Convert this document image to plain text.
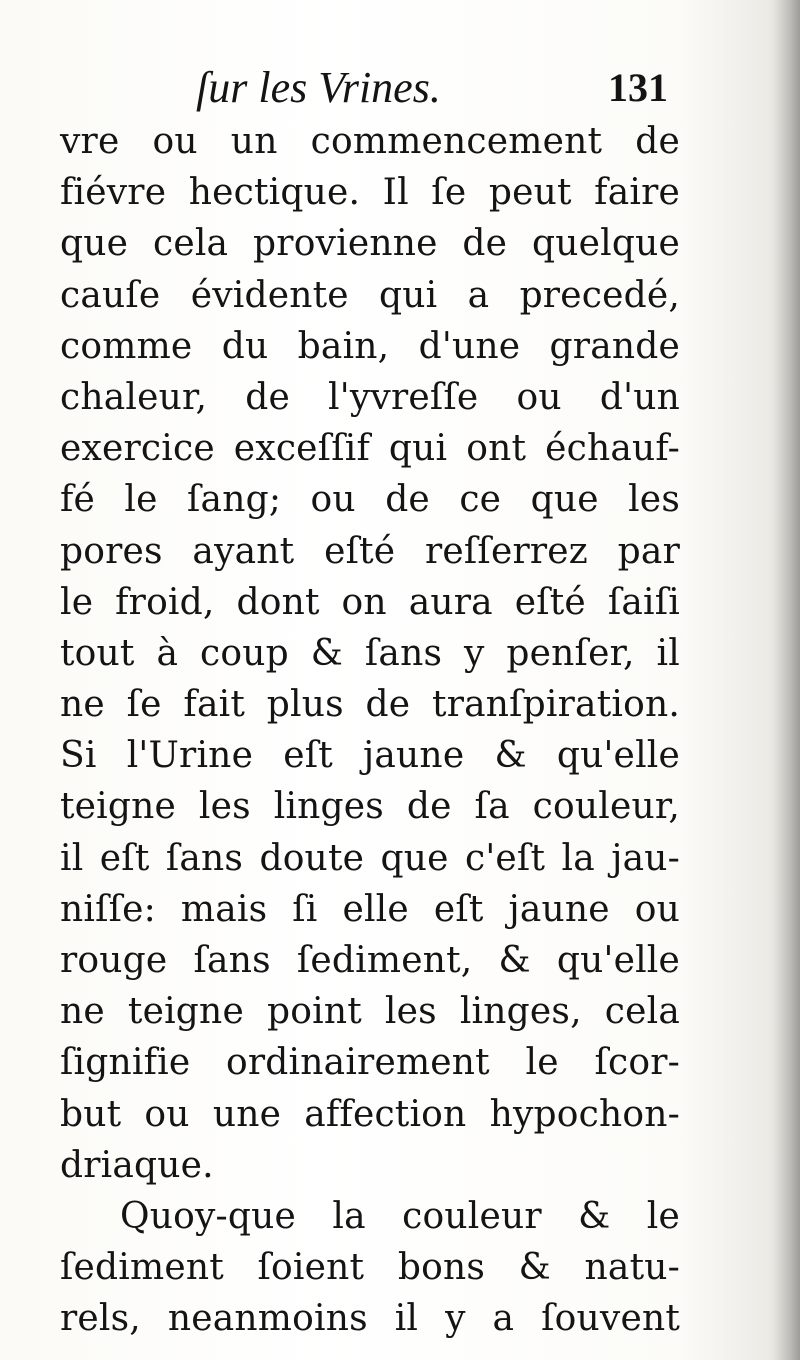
ſur les Vrines.	131
vre ou un commencement de
fiévre hectique. Il ſe peut faire
que cela provienne de quelque
cauſe évidente qui a precedé,
comme du bain, d'une grande
chaleur, de l'yvreſſe ou d'un
exercice exceſſif qui ont échauf-
fé le ſang; ou de ce que les
pores ayant eſté reſſerrez par
le froid, dont on aura eſté ſaiſi
tout à coup & ſans y penſer, il
ne ſe fait plus de tranſpiration.
Si l'Urine eſt jaune & qu'elle
teigne les linges de ſa couleur,
il eſt ſans doute que c'eſt la jau-
niſſe: mais ſi elle eſt jaune ou
rouge ſans ſediment, & qu'elle
ne teigne point les linges, cela
ſignifie ordinairement le ſcor-
but ou une affection hypochon-
driaque.
Quoy-que la couleur & le
ſediment ſoient bons & natu-
rels, neanmoins il y a ſouvent
